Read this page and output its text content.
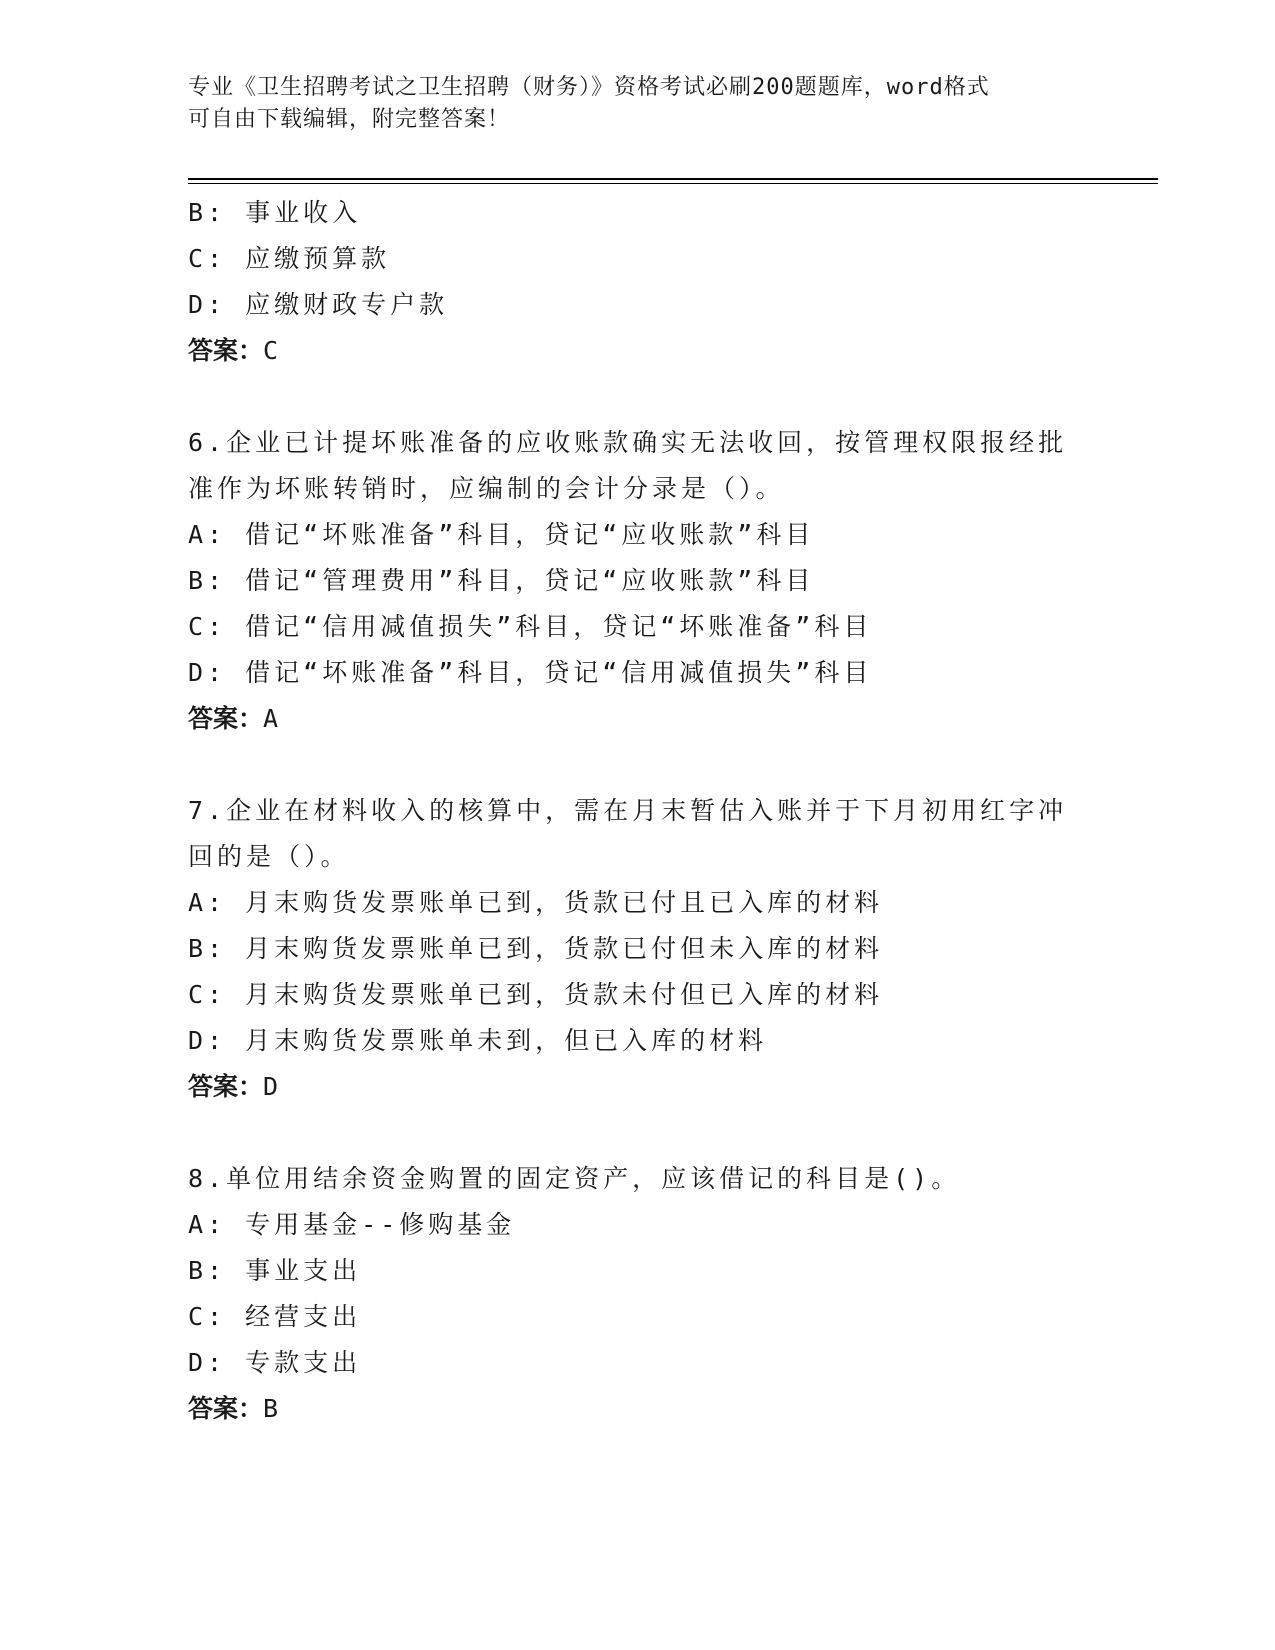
专业《卫生招聘考试之卫生招聘（财务）》资格考试必刷200题题库，word格式
可自由下载编辑，附完整答案！
B: 事业收入
C: 应缴预算款
D: 应缴财政专户款
答案：C
6.企业已计提坏账准备的应收账款确实无法收回，按管理权限报经批
准作为坏账转销时，应编制的会计分录是（）。
A: 借记“坏账准备”科目，贷记“应收账款”科目
B: 借记“管理费用”科目，贷记“应收账款”科目
C: 借记“信用减值损失”科目，贷记“坏账准备”科目
D: 借记“坏账准备”科目，贷记“信用减值损失”科目
答案：A
7.企业在材料收入的核算中，需在月末暂估入账并于下月初用红字冲
回的是（）。
A: 月末购货发票账单已到，货款已付且已入库的材料
B: 月末购货发票账单已到，货款已付但未入库的材料
C: 月末购货发票账单已到，货款未付但已入库的材料
D: 月末购货发票账单未到，但已入库的材料
答案：D
8.单位用结余资金购置的固定资产，应该借记的科目是()。
A: 专用基金--修购基金
B: 事业支出
C: 经营支出
D: 专款支出
答案：B
